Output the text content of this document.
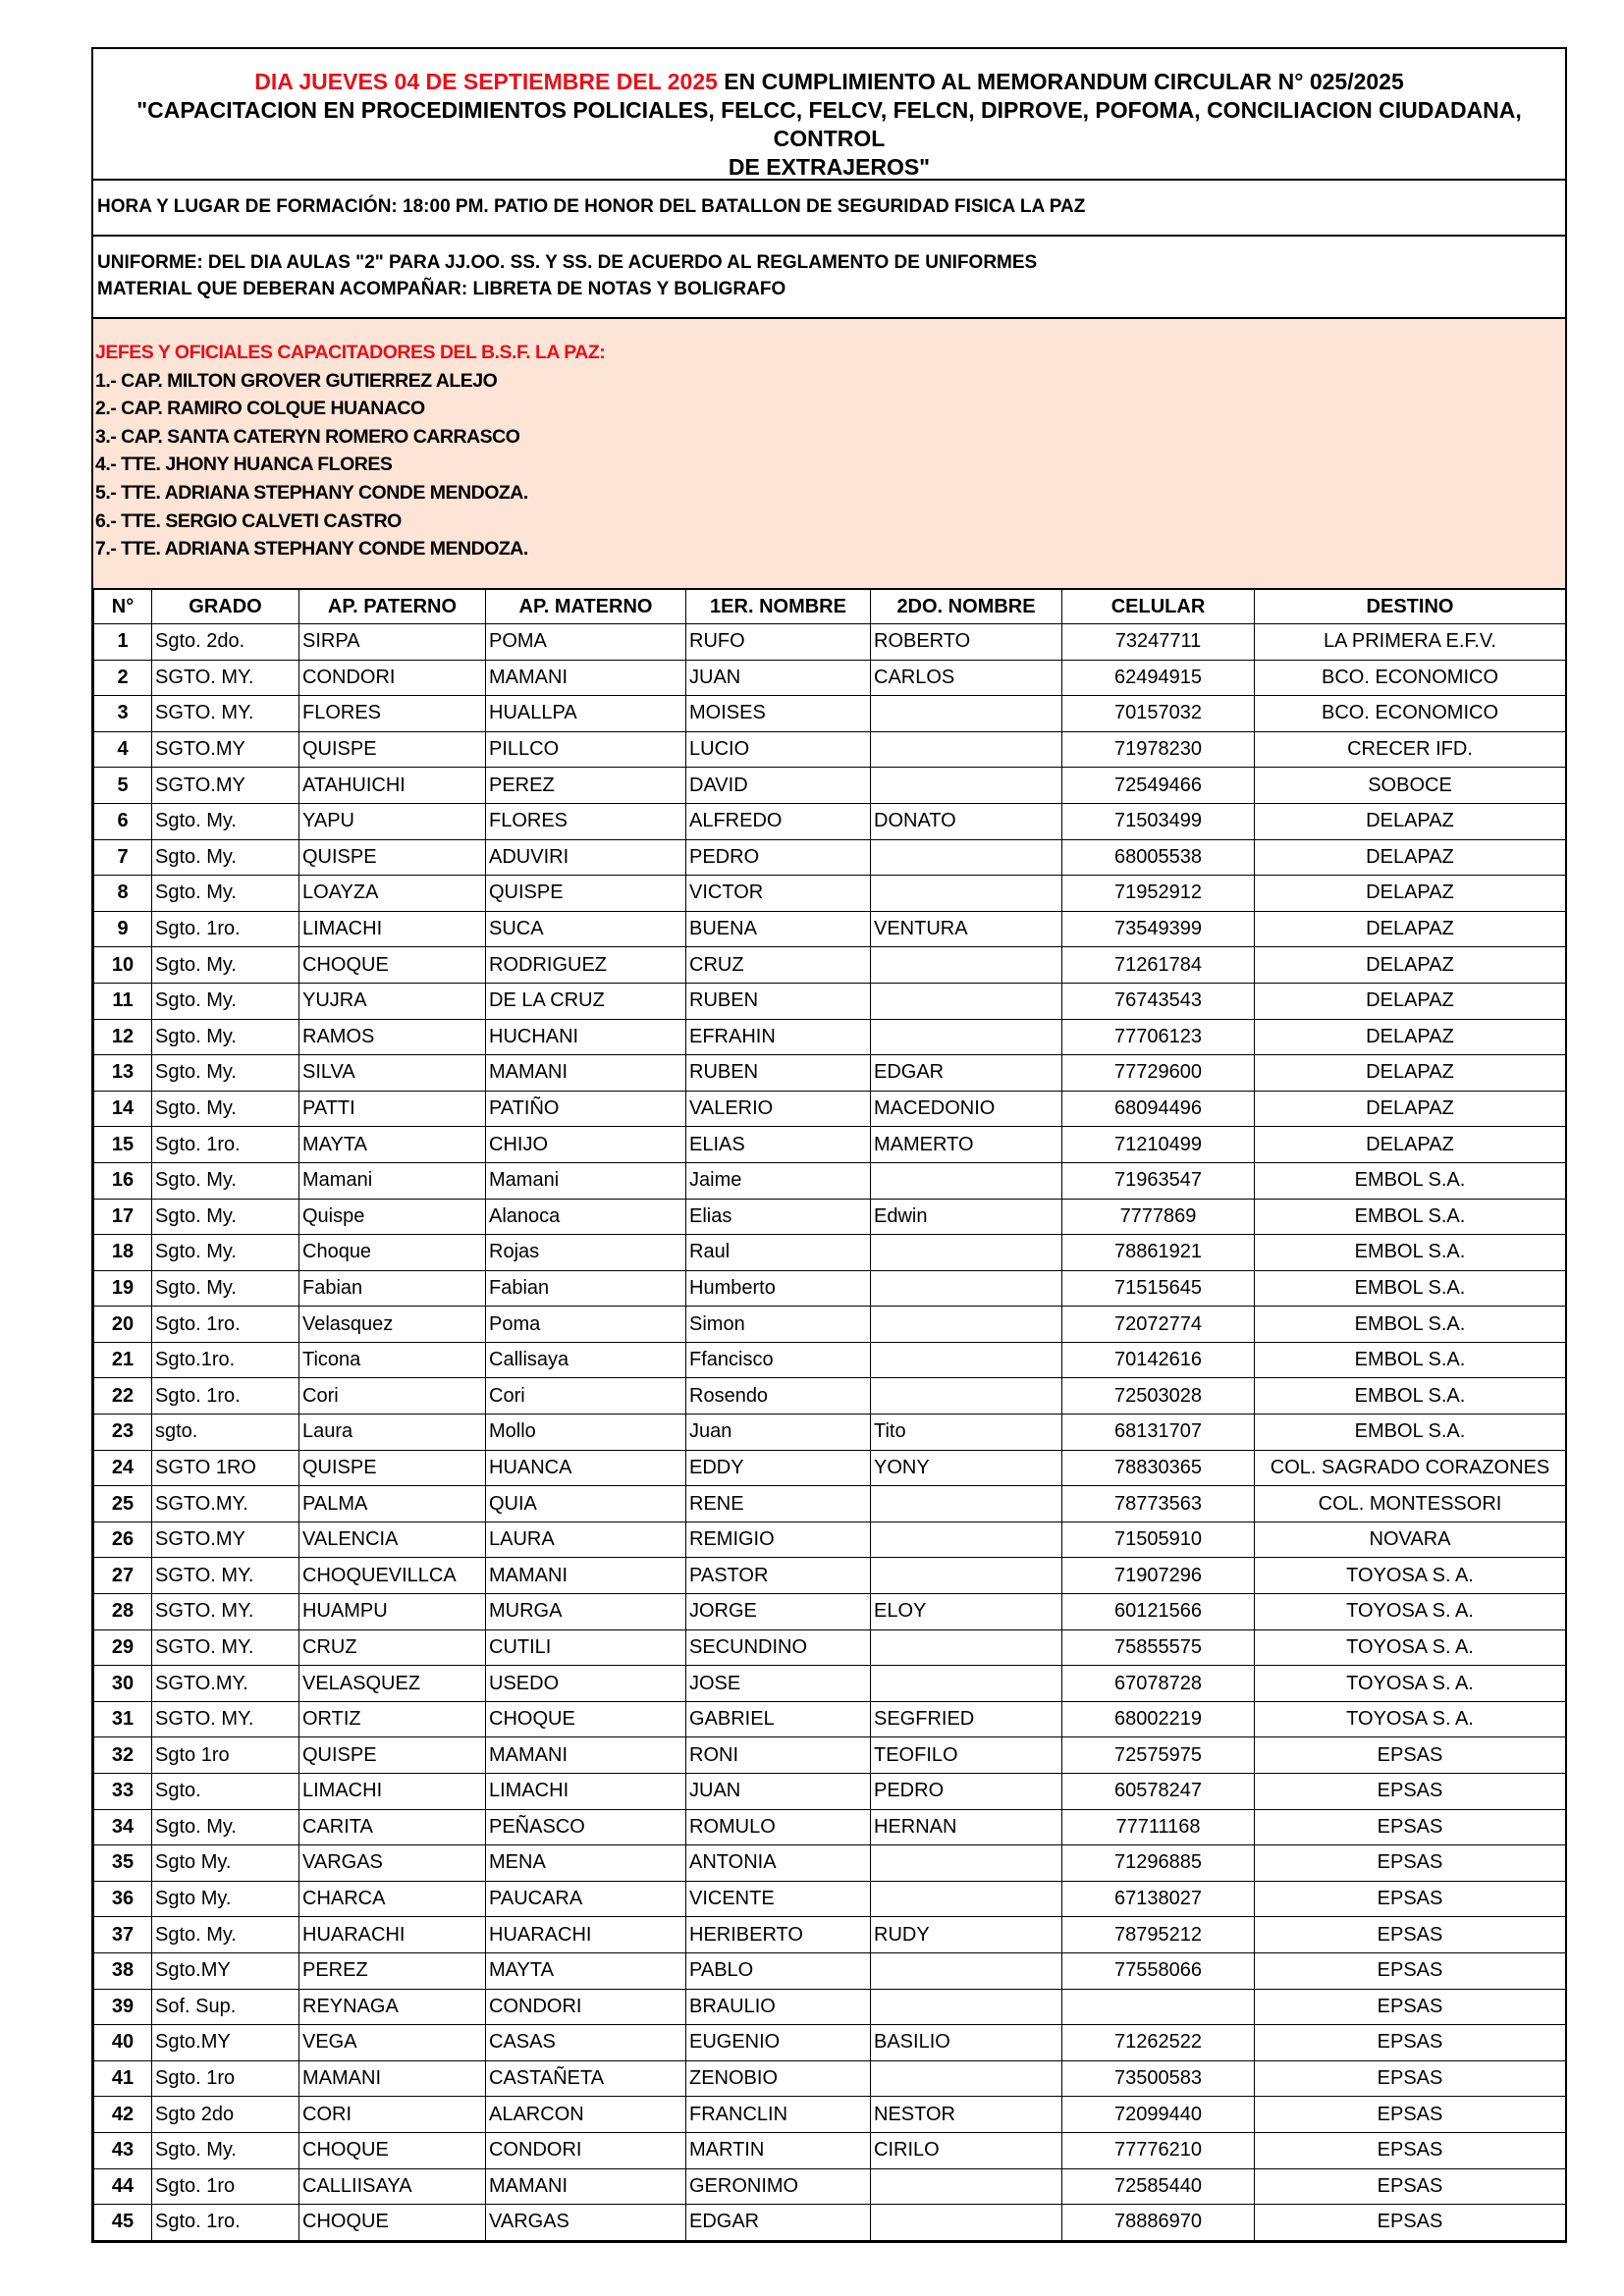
DIA JUEVES 04 DE SEPTIEMBRE DEL 2025 EN CUMPLIMIENTO AL MEMORANDUM CIRCULAR N° 025/2025
"CAPACITACION EN PROCEDIMIENTOS POLICIALES, FELCC, FELCV, FELCN, DIPROVE, POFOMA, CONCILIACION CIUDADANA, CONTROL
DE EXTRAJEROS"
HORA Y LUGAR DE FORMACIÓN: 18:00 PM. PATIO DE HONOR DEL BATALLON DE SEGURIDAD FISICA LA PAZ
UNIFORME: DEL DIA AULAS "2" PARA JJ.OO. SS. Y SS. DE ACUERDO AL REGLAMENTO DE UNIFORMES
MATERIAL QUE DEBERAN ACOMPAÑAR: LIBRETA DE NOTAS Y BOLIGRAFO
JEFES Y OFICIALES CAPACITADORES DEL B.S.F. LA PAZ:
1.- CAP. MILTON GROVER GUTIERREZ ALEJO
2.- CAP. RAMIRO COLQUE HUANACO
3.- CAP. SANTA CATERYN ROMERO CARRASCO
4.- TTE. JHONY HUANCA FLORES
5.- TTE. ADRIANA STEPHANY CONDE MENDOZA.
6.- TTE. SERGIO CALVETI CASTRO
7.- TTE. ADRIANA STEPHANY CONDE MENDOZA.
N°	GRADO	AP. PATERNO	AP. MATERNO	1ER. NOMBRE	2DO. NOMBRE	CELULAR	DESTINO
1	Sgto. 2do.	SIRPA	POMA	RUFO	ROBERTO	73247711	LA PRIMERA E.F.V.
2	SGTO. MY.	CONDORI	MAMANI	JUAN	CARLOS	62494915	BCO. ECONOMICO
3	SGTO. MY.	FLORES	HUALLPA	MOISES		70157032	BCO. ECONOMICO
4	SGTO.MY	QUISPE	PILLCO	LUCIO		71978230	CRECER IFD.
5	SGTO.MY	ATAHUICHI	PEREZ	DAVID		72549466	SOBOCE
6	Sgto. My.	YAPU	FLORES	ALFREDO	DONATO	71503499	DELAPAZ
7	Sgto. My.	QUISPE	ADUVIRI	PEDRO		68005538	DELAPAZ
8	Sgto. My.	LOAYZA	QUISPE	VICTOR		71952912	DELAPAZ
9	Sgto. 1ro.	LIMACHI	SUCA	BUENA	VENTURA	73549399	DELAPAZ
10	Sgto. My.	CHOQUE	RODRIGUEZ	CRUZ		71261784	DELAPAZ
11	Sgto. My.	YUJRA	DE LA CRUZ	RUBEN		76743543	DELAPAZ
12	Sgto. My.	RAMOS	HUCHANI	EFRAHIN		77706123	DELAPAZ
13	Sgto. My.	SILVA	MAMANI	RUBEN	EDGAR	77729600	DELAPAZ
14	Sgto. My.	PATTI	PATIÑO	VALERIO	MACEDONIO	68094496	DELAPAZ
15	Sgto. 1ro.	MAYTA	CHIJO	ELIAS	MAMERTO	71210499	DELAPAZ
16	Sgto. My.	Mamani	Mamani	Jaime		71963547	EMBOL S.A.
17	Sgto. My.	Quispe	Alanoca	Elias	Edwin	7777869	EMBOL S.A.
18	Sgto. My.	Choque	Rojas	Raul		78861921	EMBOL S.A.
19	Sgto. My.	Fabian	Fabian	Humberto		71515645	EMBOL S.A.
20	Sgto. 1ro.	Velasquez	Poma	Simon		72072774	EMBOL S.A.
21	Sgto.1ro.	Ticona	Callisaya	Ffancisco		70142616	EMBOL S.A.
22	Sgto. 1ro.	Cori	Cori	Rosendo		72503028	EMBOL S.A.
23	sgto.	Laura	Mollo	Juan	Tito	68131707	EMBOL S.A.
24	SGTO 1RO	QUISPE	HUANCA	EDDY	YONY	78830365	COL. SAGRADO CORAZONES
25	SGTO.MY.	PALMA	QUIA	RENE		78773563	COL. MONTESSORI
26	SGTO.MY	VALENCIA	LAURA	REMIGIO		71505910	NOVARA
27	SGTO. MY.	CHOQUEVILLCA	MAMANI	PASTOR		71907296	TOYOSA S. A.
28	SGTO. MY.	HUAMPU	MURGA	JORGE	ELOY	60121566	TOYOSA S. A.
29	SGTO. MY.	CRUZ	CUTILI	SECUNDINO		75855575	TOYOSA S. A.
30	SGTO.MY.	VELASQUEZ	USEDO	JOSE		67078728	TOYOSA S. A.
31	SGTO. MY.	ORTIZ	CHOQUE	GABRIEL	SEGFRIED	68002219	TOYOSA S. A.
32	Sgto 1ro	QUISPE	MAMANI	RONI	TEOFILO	72575975	EPSAS
33	Sgto.	LIMACHI	LIMACHI	JUAN	PEDRO	60578247	EPSAS
34	Sgto. My.	CARITA	PEÑASCO	ROMULO	HERNAN	77711168	EPSAS
35	Sgto My.	VARGAS	MENA	ANTONIA		71296885	EPSAS
36	Sgto My.	CHARCA	PAUCARA	VICENTE		67138027	EPSAS
37	Sgto. My.	HUARACHI	HUARACHI	HERIBERTO	RUDY	78795212	EPSAS
38	Sgto.MY	PEREZ	MAYTA	PABLO		77558066	EPSAS
39	Sof. Sup.	REYNAGA	CONDORI	BRAULIO			EPSAS
40	Sgto.MY	VEGA	CASAS	EUGENIO	BASILIO	71262522	EPSAS
41	Sgto. 1ro	MAMANI	CASTAÑETA	ZENOBIO		73500583	EPSAS
42	Sgto 2do	CORI	ALARCON	FRANCLIN	NESTOR	72099440	EPSAS
43	Sgto. My.	CHOQUE	CONDORI	MARTIN	CIRILO	77776210	EPSAS
44	Sgto. 1ro	CALLIISAYA	MAMANI	GERONIMO		72585440	EPSAS
45	Sgto. 1ro.	CHOQUE	VARGAS	EDGAR		78886970	EPSAS
